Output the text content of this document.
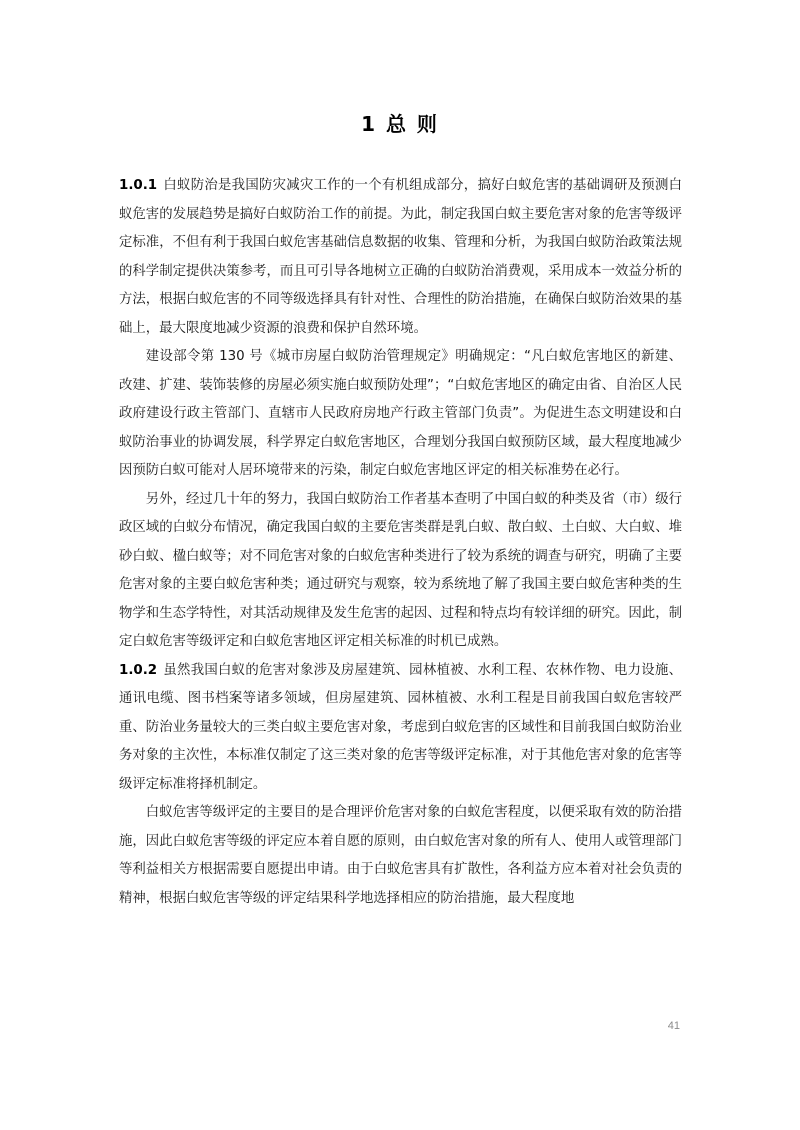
1 总 则

1.0.1 白蚁防治是我国防灾减灾工作的一个有机组成部分，搞好白蚁危害的基础调研及预测白蚁危害的发展趋势是搞好白蚁防治工作的前提。为此，制定我国白蚁主要危害对象的危害等级评定标准，不但有利于我国白蚁危害基础信息数据的收集、管理和分析，为我国白蚁防治政策法规的科学制定提供决策参考，而且可引导各地树立正确的白蚁防治消费观，采用成本一效益分析的方法，根据白蚁危害的不同等级选择具有针对性、合理性的防治措施，在确保白蚁防治效果的基础上，最大限度地减少资源的浪费和保护自然环境。

建设部令第 130 号《城市房屋白蚁防治管理规定》明确规定：“凡白蚁危害地区的新建、改建、扩建、装饰装修的房屋必须实施白蚁预防处理”；“白蚁危害地区的确定由省、自治区人民政府建设行政主管部门、直辖市人民政府房地产行政主管部门负责”。为促进生态文明建设和白蚁防治事业的协调发展，科学界定白蚁危害地区，合理划分我国白蚁预防区域，最大程度地减少因预防白蚁可能对人居环境带来的污染，制定白蚁危害地区评定的相关标准势在必行。

另外，经过几十年的努力，我国白蚁防治工作者基本查明了中国白蚁的种类及省（市）级行政区域的白蚁分布情况，确定我国白蚁的主要危害类群是乳白蚁、散白蚁、土白蚁、大白蚁、堆砂白蚁、楹白蚁等；对不同危害对象的白蚁危害种类进行了较为系统的调查与研究，明确了主要危害对象的主要白蚁危害种类；通过研究与观察，较为系统地了解了我国主要白蚁危害种类的生物学和生态学特性，对其活动规律及发生危害的起因、过程和特点均有较详细的研究。因此，制定白蚁危害等级评定和白蚁危害地区评定相关标准的时机已成熟。

1.0.2 虽然我国白蚁的危害对象涉及房屋建筑、园林植被、水利工程、农林作物、电力设施、通讯电缆、图书档案等诸多领域，但房屋建筑、园林植被、水利工程是目前我国白蚁危害较严重、防治业务量较大的三类白蚁主要危害对象，考虑到白蚁危害的区域性和目前我国白蚁防治业务对象的主次性，本标准仅制定了这三类对象的危害等级评定标准，对于其他危害对象的危害等级评定标准将择机制定。

白蚁危害等级评定的主要目的是合理评价危害对象的白蚁危害程度，以便采取有效的防治措施，因此白蚁危害等级的评定应本着自愿的原则，由白蚁危害对象的所有人、使用人或管理部门等利益相关方根据需要自愿提出申请。由于白蚁危害具有扩散性，各利益方应本着对社会负责的精神，根据白蚁危害等级的评定结果科学地选择相应的防治措施，最大程度地

41
